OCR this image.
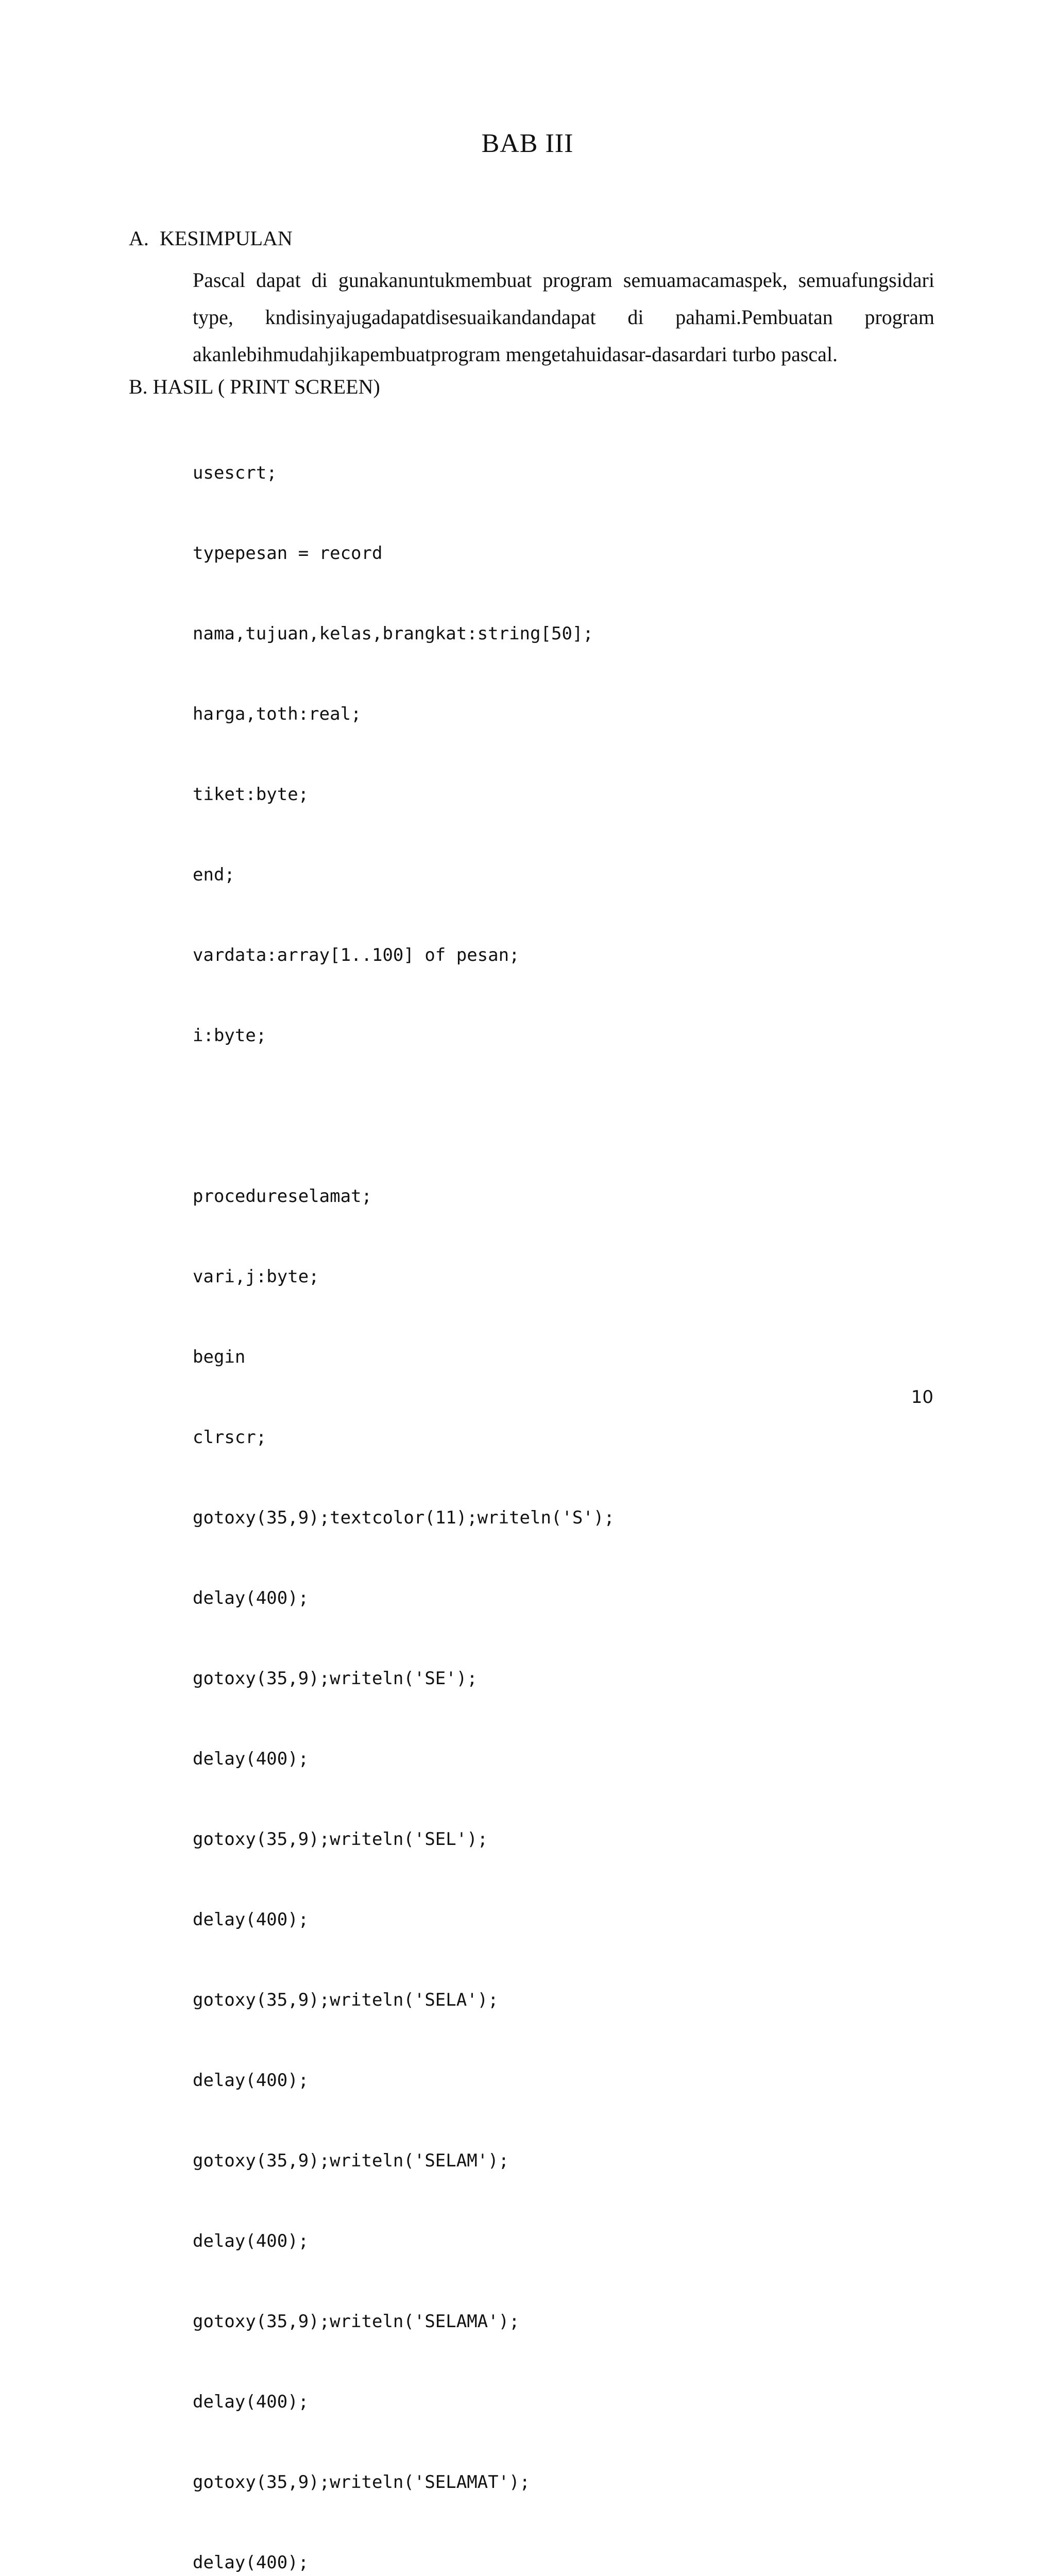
BAB III
A. KESIMPULAN

Pascal dapat di gunakanuntukmembuat program semuamacamaspek, semuafungsidari type, kndisinyajugadapatdisesuaikandandapat di pahami.Pembuatan program akanlebihmudahjikapembuatprogram mengetahuidasar-dasardari turbo pascal.

B. HASIL ( PRINT SCREEN)

usescrt;

typepesan = record

nama,tujuan,kelas,brangkat:string[50];

harga,toth:real;

tiket:byte;

end;

vardata:array[1..100] of pesan;

i:byte;

procedureselamat;

vari,j:byte;

begin

clrscr;

gotoxy(35,9);textcolor(11);writeln('S');

delay(400);

gotoxy(35,9);writeln('SE');

delay(400);

gotoxy(35,9);writeln('SEL');

delay(400);

gotoxy(35,9);writeln('SELA');

delay(400);

gotoxy(35,9);writeln('SELAM');

delay(400);

gotoxy(35,9);writeln('SELAMA');

delay(400);

gotoxy(35,9);writeln('SELAMAT');

delay(400);

10
